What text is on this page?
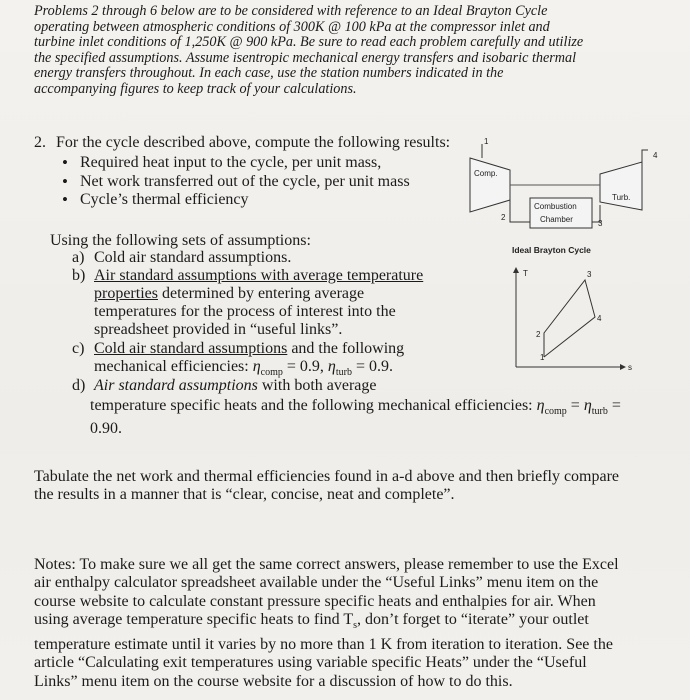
Problems 2 through 6 below are to be considered with reference to an Ideal Brayton Cycle
operating between atmospheric conditions of 300K @ 100 kPa at the compressor inlet and
turbine inlet conditions of 1,250K @ 900 kPa. Be sure to read each problem carefully and utilize
the specified assumptions. Assume isentropic mechanical energy transfers and isobaric thermal
energy transfers throughout. In each case, use the station numbers indicated in the
accompanying figures to keep track of your calculations.
2. For the cycle described above, compute the following results:
• Required heat input to the cycle, per unit mass,
• Net work transferred out of the cycle, per unit mass
• Cycle’s thermal efficiency
Using the following sets of assumptions:
a) Cold air standard assumptions.
b) Air standard assumptions with average temperature
properties determined by entering average
temperatures for the process of interest into the
spreadsheet provided in “useful links”.
c) Cold air standard assumptions and the following
mechanical efficiencies: $\eta_{comp} = 0.9$, $\eta_{turb} = 0.9$.
d) Air standard assumptions with both average
temperature specific heats and the following mechanical efficiencies: $\eta_{comp} = \eta_{turb}$ =
0.90.
Tabulate the net work and thermal efficiencies found in a-d above and then briefly compare
the results in a manner that is “clear, concise, neat and complete”.
Notes: To make sure we all get the same correct answers, please remember to use the Excel
air enthalpy calculator spreadsheet available under the “Useful Links” menu item on the
course website to calculate constant pressure specific heats and enthalpies for air. When
using average temperature specific heats to find $T_s$, don’t forget to “iterate” your outlet
temperature estimate until it varies by no more than 1 K from iteration to iteration. See the
article “Calculating exit temperatures using variable specific Heats” under the “Useful
Links” menu item on the course website for a discussion of how to do this.
1
Comp.
2
Combustion
Chamber	3
Turb.
4
Ideal Brayton Cycle
T
s
1
2
3
4
